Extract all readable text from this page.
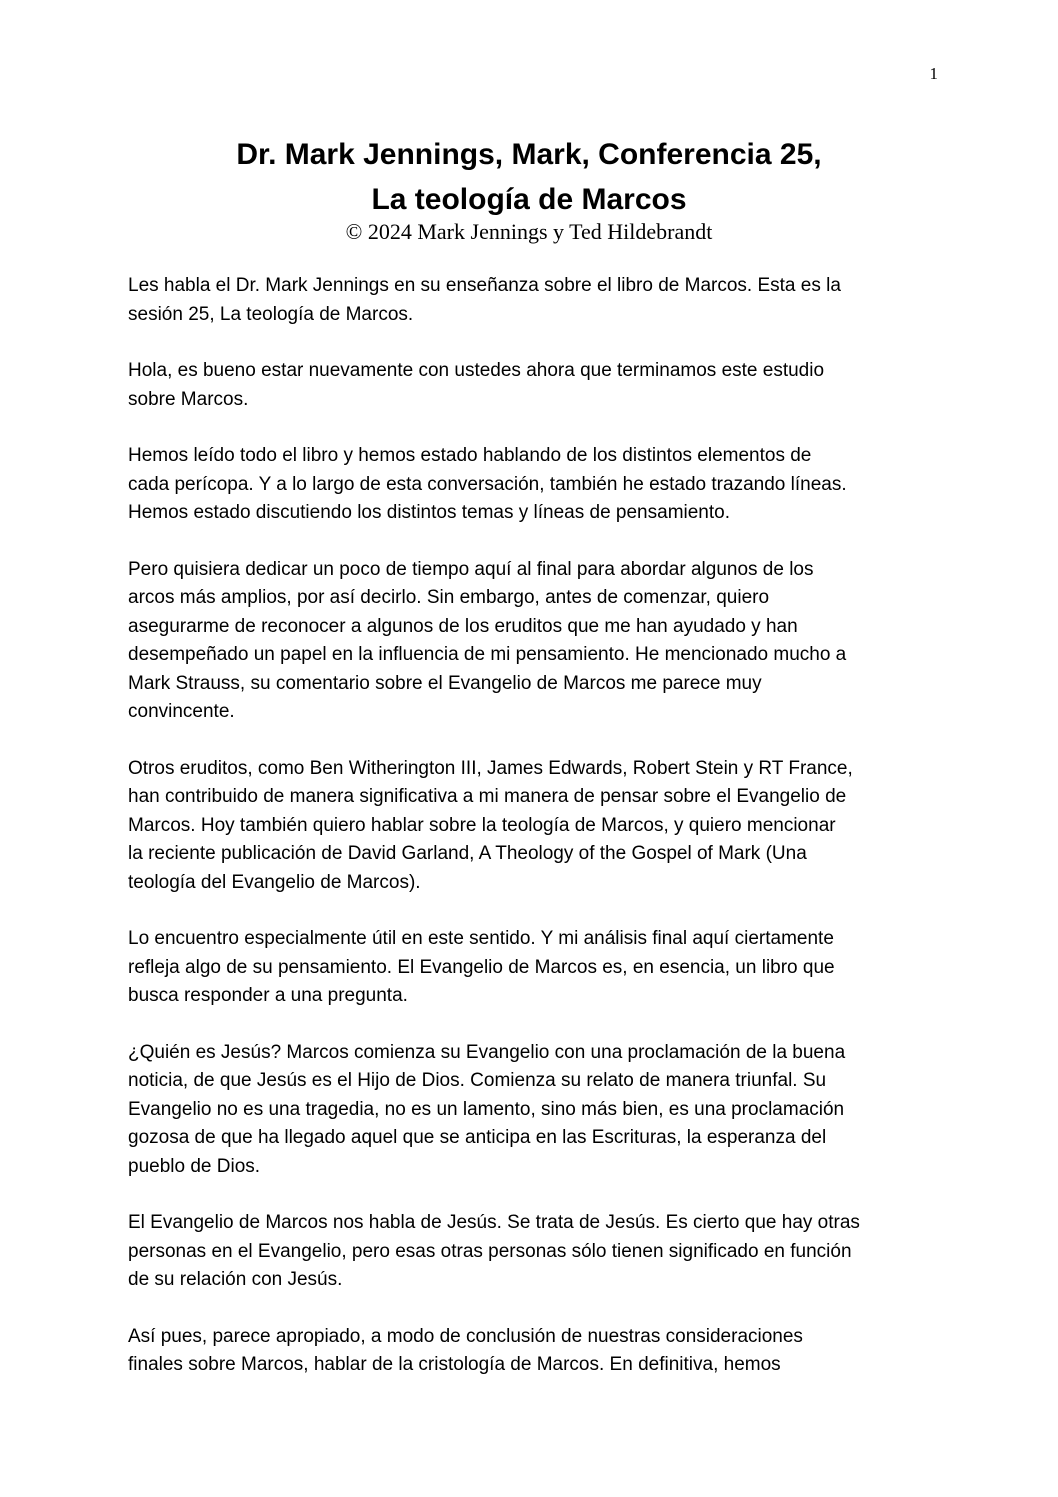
1
Dr. Mark Jennings, Mark, Conferencia 25,
La teología de Marcos
© 2024 Mark Jennings y Ted Hildebrandt

Les habla el Dr. Mark Jennings en su enseñanza sobre el libro de Marcos. Esta es la
sesión 25, La teología de Marcos.

Hola, es bueno estar nuevamente con ustedes ahora que terminamos este estudio
sobre Marcos.

Hemos leído todo el libro y hemos estado hablando de los distintos elementos de
cada perícopa. Y a lo largo de esta conversación, también he estado trazando líneas.
Hemos estado discutiendo los distintos temas y líneas de pensamiento.

Pero quisiera dedicar un poco de tiempo aquí al final para abordar algunos de los
arcos más amplios, por así decirlo. Sin embargo, antes de comenzar, quiero
asegurarme de reconocer a algunos de los eruditos que me han ayudado y han
desempeñado un papel en la influencia de mi pensamiento. He mencionado mucho a
Mark Strauss, su comentario sobre el Evangelio de Marcos me parece muy
convincente.

Otros eruditos, como Ben Witherington III, James Edwards, Robert Stein y RT France,
han contribuido de manera significativa a mi manera de pensar sobre el Evangelio de
Marcos. Hoy también quiero hablar sobre la teología de Marcos, y quiero mencionar
la reciente publicación de David Garland, A Theology of the Gospel of Mark (Una
teología del Evangelio de Marcos).

Lo encuentro especialmente útil en este sentido. Y mi análisis final aquí ciertamente
refleja algo de su pensamiento. El Evangelio de Marcos es, en esencia, un libro que
busca responder a una pregunta.

¿Quién es Jesús? Marcos comienza su Evangelio con una proclamación de la buena
noticia, de que Jesús es el Hijo de Dios. Comienza su relato de manera triunfal. Su
Evangelio no es una tragedia, no es un lamento, sino más bien, es una proclamación
gozosa de que ha llegado aquel que se anticipa en las Escrituras, la esperanza del
pueblo de Dios.

El Evangelio de Marcos nos habla de Jesús. Se trata de Jesús. Es cierto que hay otras
personas en el Evangelio, pero esas otras personas sólo tienen significado en función
de su relación con Jesús.

Así pues, parece apropiado, a modo de conclusión de nuestras consideraciones
finales sobre Marcos, hablar de la cristología de Marcos. En definitiva, hemos
